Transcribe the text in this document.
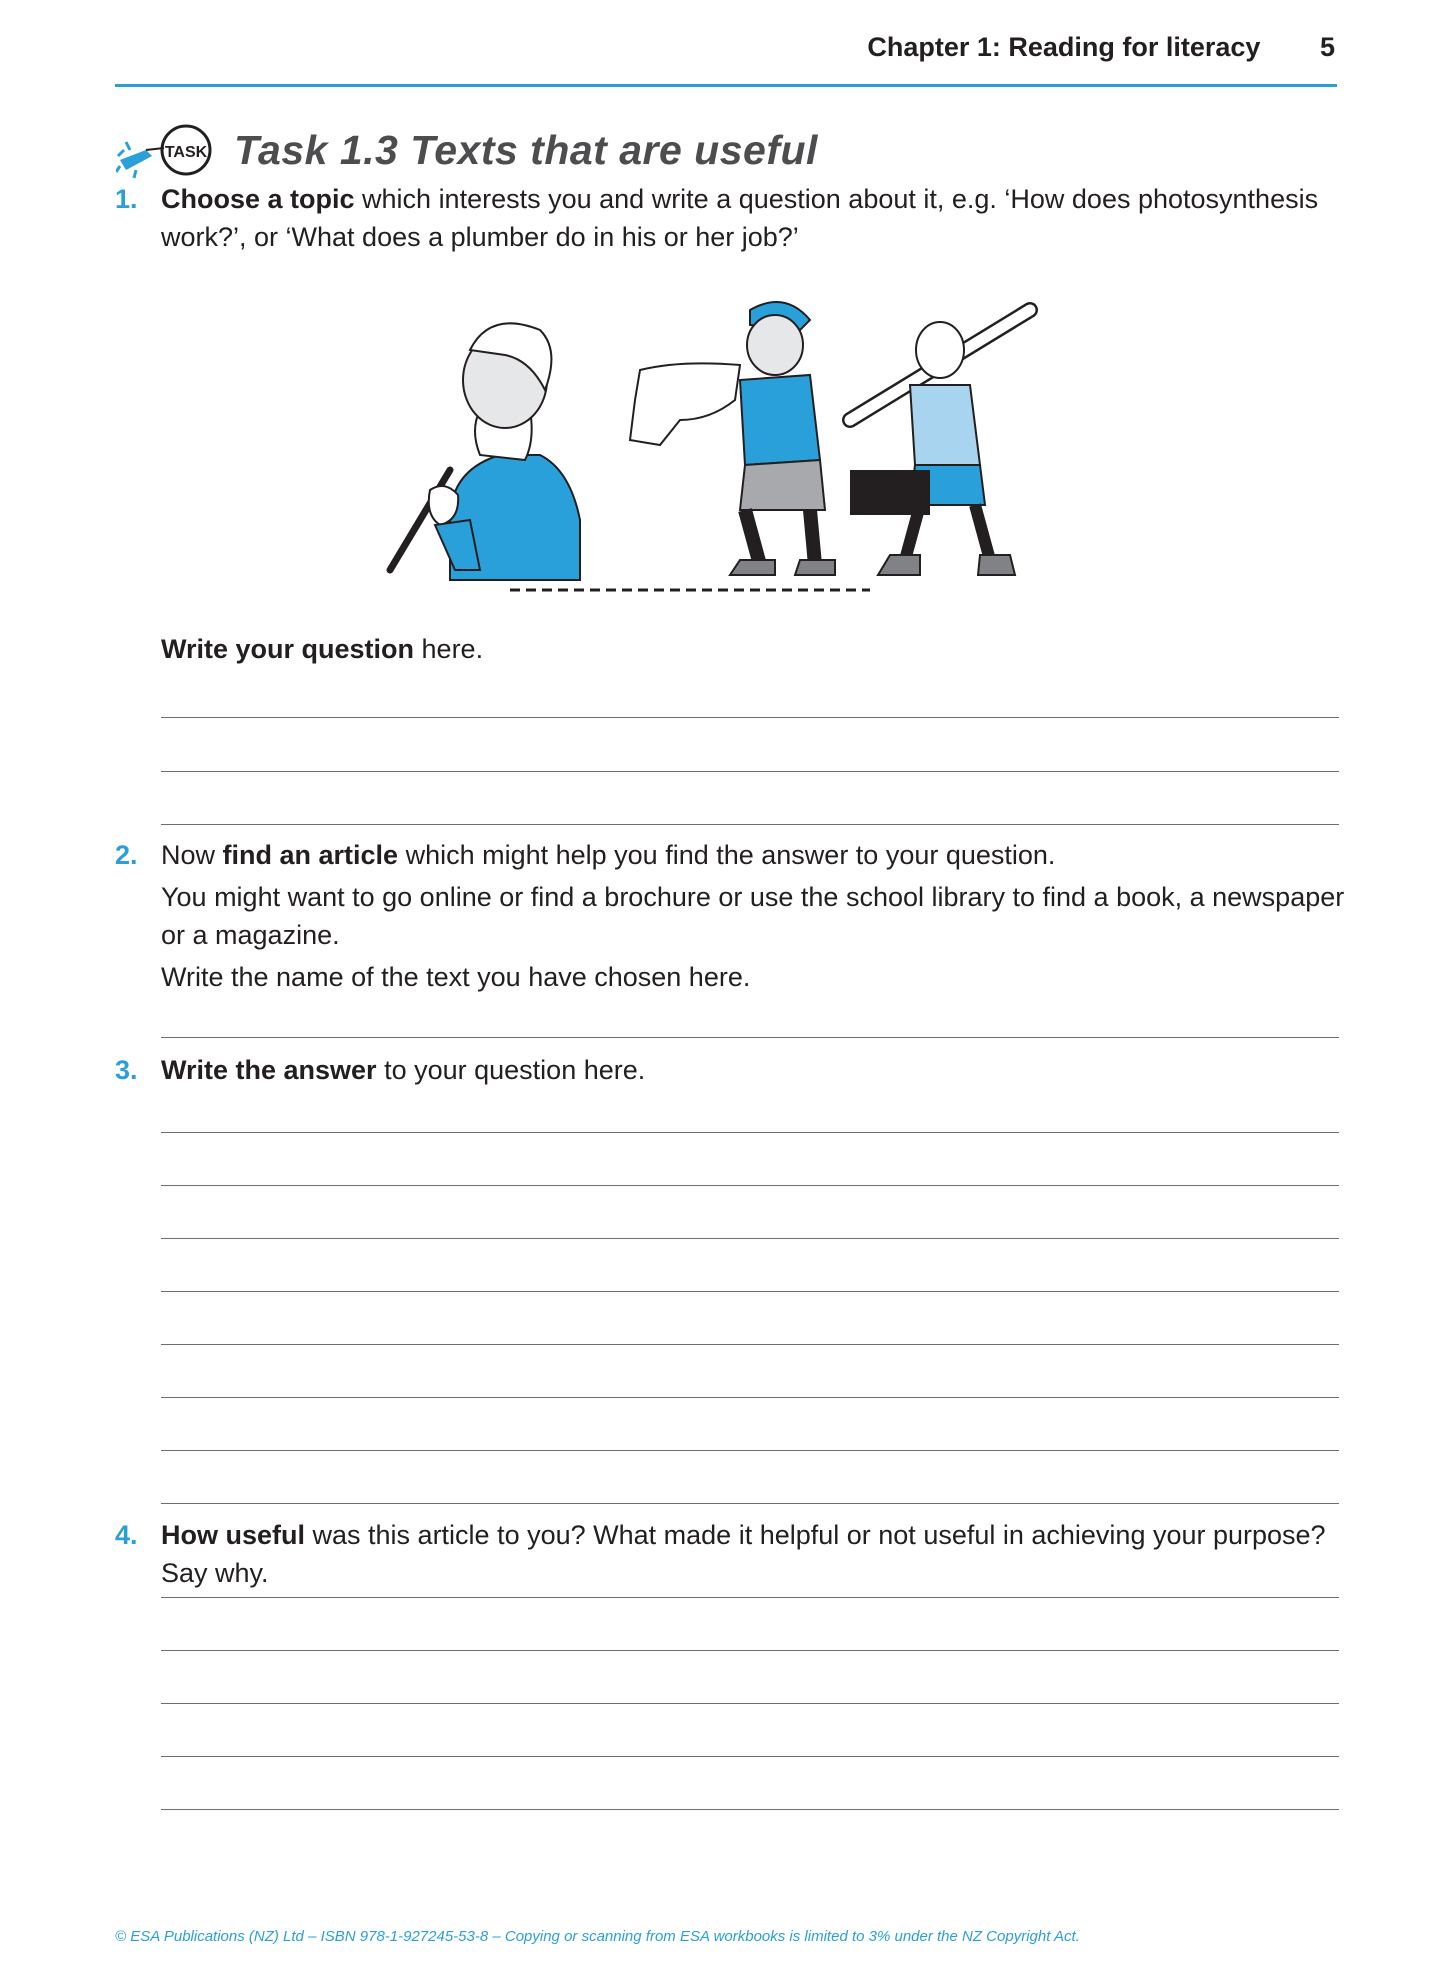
Chapter 1: Reading for literacy 5
TASK Task 1.3 Texts that are useful
1. Choose a topic which interests you and write a question about it, e.g. ‘How does photosynthesis work?’, or ‘What does a plumber do in his or her job?’

Write your question here.

2. Now find an article which might help you find the answer to your question.

You might want to go online or find a brochure or use the school library to find a book, a newspaper or a magazine.

Write the name of the text you have chosen here.

3. Write the answer to your question here.

4. How useful was this article to you? What made it helpful or not useful in achieving your purpose? Say why.

© ESA Publications (NZ) Ltd – ISBN 978-1-927245-53-8 – Copying or scanning from ESA workbooks is limited to 3% under the NZ Copyright Act.
